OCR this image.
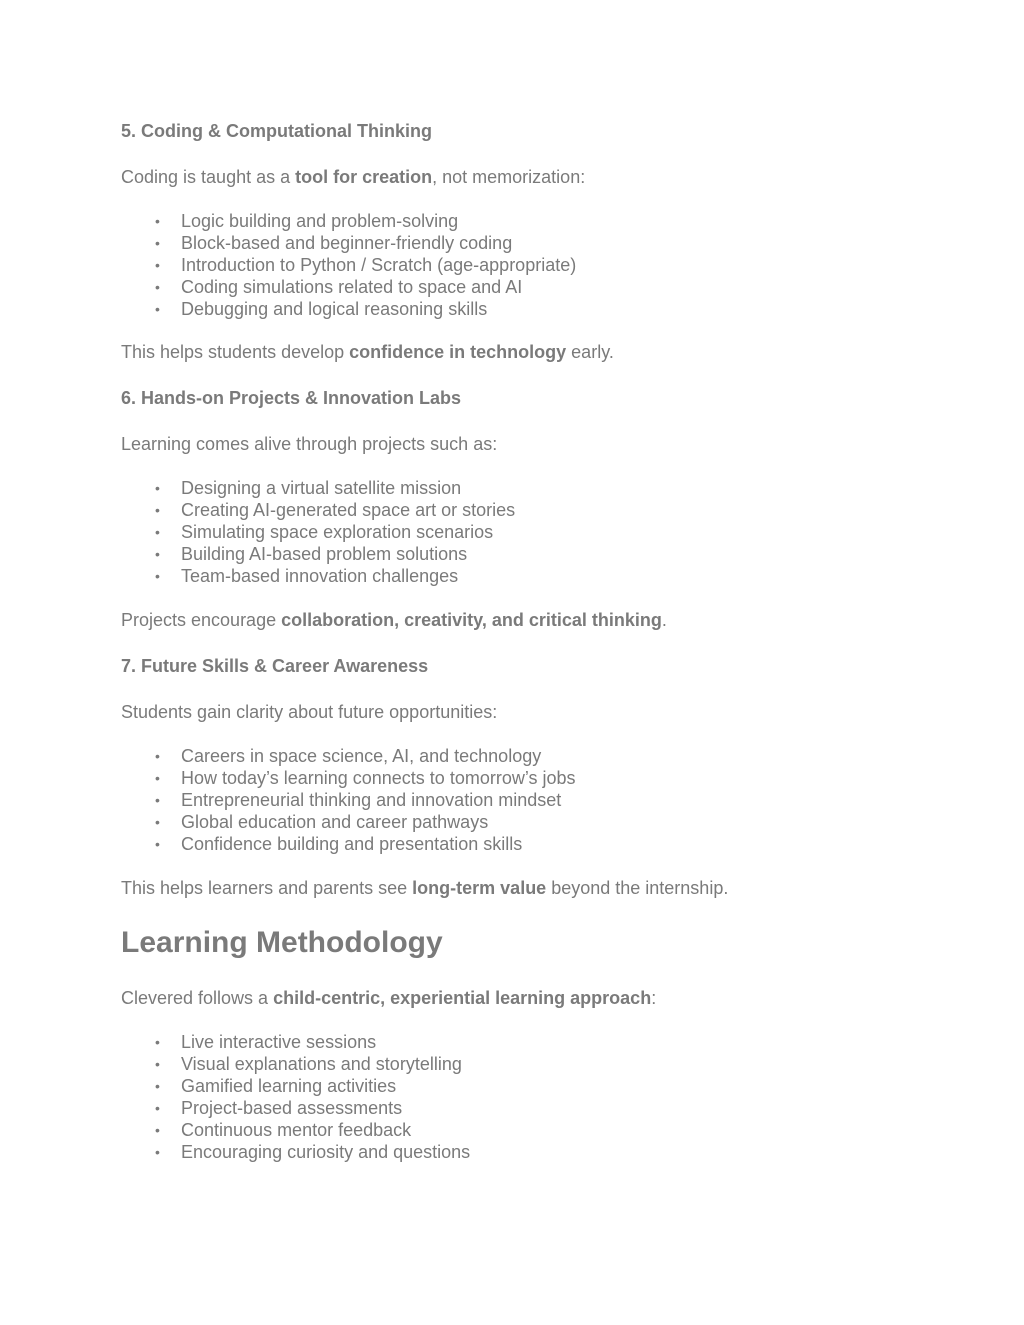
5. Coding & Computational Thinking

Coding is taught as a tool for creation, not memorization:

• Logic building and problem-solving
• Block-based and beginner-friendly coding
• Introduction to Python / Scratch (age-appropriate)
• Coding simulations related to space and AI
• Debugging and logical reasoning skills

This helps students develop confidence in technology early.

6. Hands-on Projects & Innovation Labs

Learning comes alive through projects such as:

• Designing a virtual satellite mission
• Creating AI-generated space art or stories
• Simulating space exploration scenarios
• Building AI-based problem solutions
• Team-based innovation challenges

Projects encourage collaboration, creativity, and critical thinking.

7. Future Skills & Career Awareness

Students gain clarity about future opportunities:

• Careers in space science, AI, and technology
• How today’s learning connects to tomorrow’s jobs
• Entrepreneurial thinking and innovation mindset
• Global education and career pathways
• Confidence building and presentation skills

This helps learners and parents see long-term value beyond the internship.

Learning Methodology

Clevered follows a child-centric, experiential learning approach:

• Live interactive sessions
• Visual explanations and storytelling
• Gamified learning activities
• Project-based assessments
• Continuous mentor feedback
• Encouraging curiosity and questions
